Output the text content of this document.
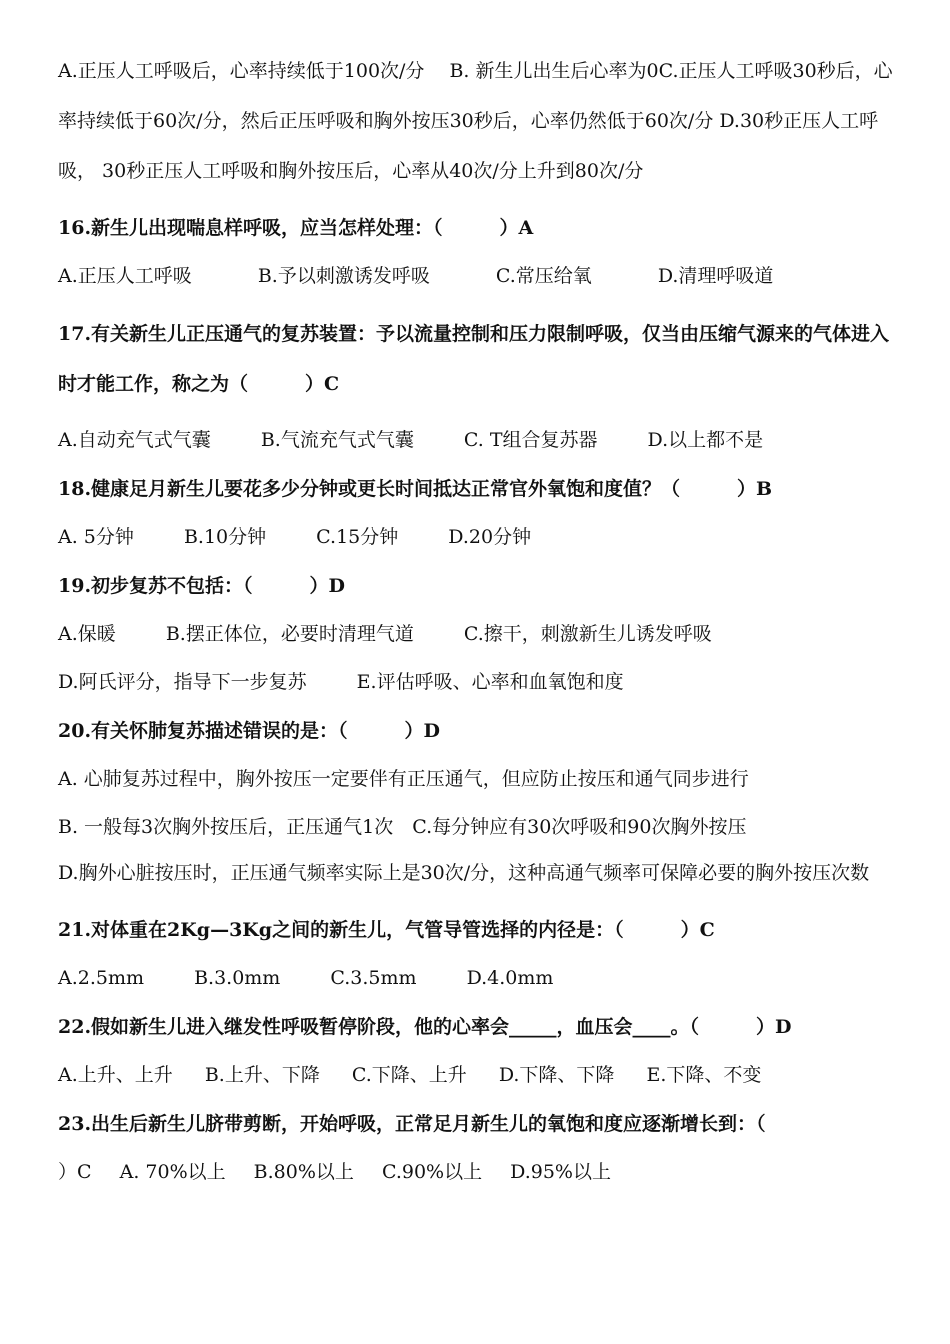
A.正压人工呼吸后，心率持续低于100次/分　 B. 新生儿出生后心率为0C.正压人工呼吸30秒后，心率持续低于60次/分，然后正压呼吸和胸外按压30秒后，心率仍然低于60次/分 D.30秒正压人工呼吸， 30秒正压人工呼吸和胸外按压后，心率从40次/分上升到80次/分
16.新生儿出现喘息样呼吸，应当怎样处理：（　　　）A
A.正压人工呼吸	B.予以刺激诱发呼吸	C.常压给氧	D.清理呼吸道
17.有关新生儿正压通气的复苏装置：予以流量控制和压力限制呼吸，仅当由压缩气源来的气体进入时才能工作，称之为（　　　）C
A.自动充气式气囊	B.气流充气式气囊	C. T组合复苏器	D.以上都不是
18.健康足月新生儿要花多少分钟或更长时间抵达正常官外氧饱和度值？（　　　）B
A. 5分钟	B.10分钟	C.15分钟	D.20分钟
19.初步复苏不包括：（　　　）D
A.保暖	B.摆正体位，必要时清理气道	C.擦干，刺激新生儿诱发呼吸
D.阿氏评分，指导下一步复苏	E.评估呼吸、心率和血氧饱和度
20.有关怀肺复苏描述错误的是：（　　　）D
A. 心肺复苏过程中，胸外按压一定要伴有正压通气，但应防止按压和通气同步进行
B. 一般每3次胸外按压后，正压通气1次　C.每分钟应有30次呼吸和90次胸外按压
D.胸外心脏按压时，正压通气频率实际上是30次/分，这种高通气频率可保障必要的胸外按压次数
21.对体重在2Kg—3Kg之间的新生儿，气管导管选择的内径是：（　　　）C
A.2.5mm	B.3.0mm	C.3.5mm	D.4.0mm
22.假如新生儿进入继发性呼吸暂停阶段，他的心率会_____，血压会____。（　　　）D
A.上升、上升 B.上升、下降 C.下降、上升 D.下降、下降 E.下降、不变
23.出生后新生儿脐带剪断，开始呼吸，正常足月新生儿的氧饱和度应逐渐增长到：（
）C A. 70%以上 B.80%以上 C.90%以上 D.95%以上
